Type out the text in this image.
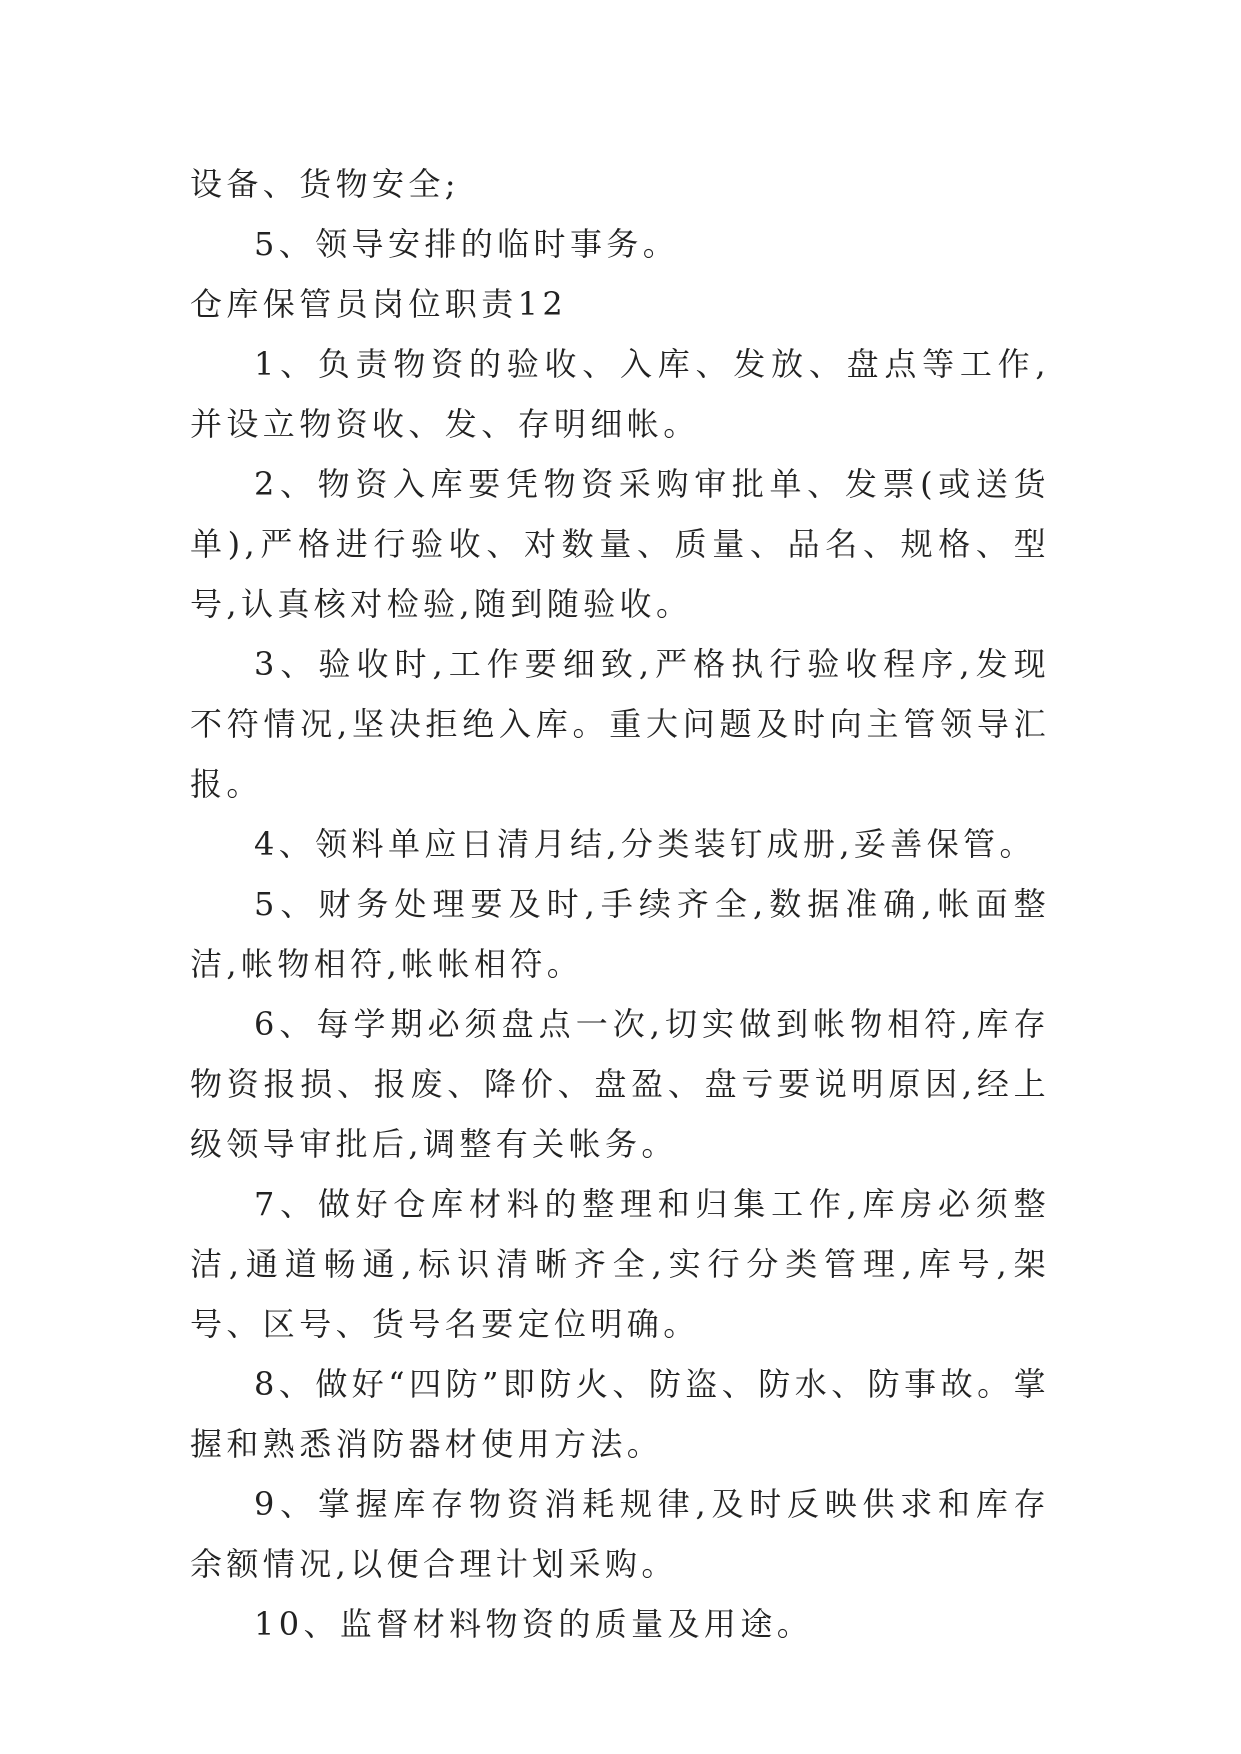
设备、货物安全;

5、领导安排的临时事务。

仓库保管员岗位职责12

1、负责物资的验收、入库、发放、盘点等工作,并设立物资收、发、存明细帐。

2、物资入库要凭物资采购审批单、发票(或送货单),严格进行验收、对数量、质量、品名、规格、型号,认真核对检验,随到随验收。

3、验收时,工作要细致,严格执行验收程序,发现不符情况,坚决拒绝入库。重大问题及时向主管领导汇报。

4、领料单应日清月结,分类装钉成册,妥善保管。

5、财务处理要及时,手续齐全,数据准确,帐面整洁,帐物相符,帐帐相符。

6、每学期必须盘点一次,切实做到帐物相符,库存物资报损、报废、降价、盘盈、盘亏要说明原因,经上级领导审批后,调整有关帐务。

7、做好仓库材料的整理和归集工作,库房必须整洁,通道畅通,标识清晰齐全,实行分类管理,库号,架号、区号、货号名要定位明确。

8、做好“四防”即防火、防盗、防水、防事故。掌握和熟悉消防器材使用方法。

9、掌握库存物资消耗规律,及时反映供求和库存余额情况,以便合理计划采购。

10、监督材料物资的质量及用途。
